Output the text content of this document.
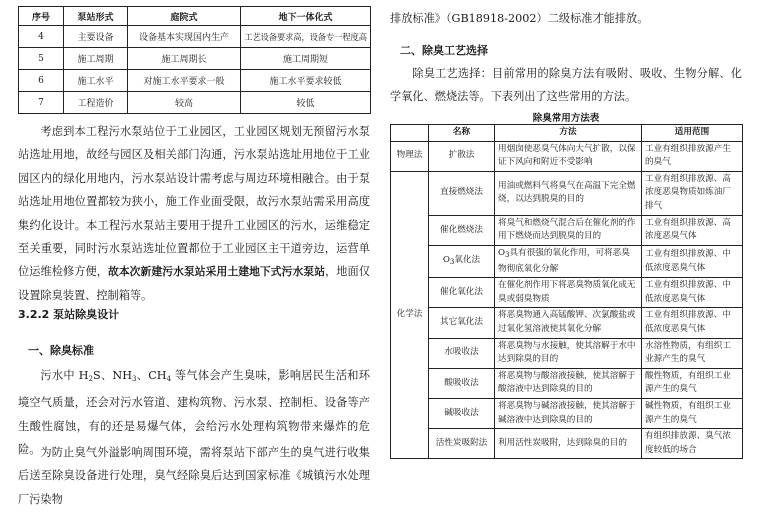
序号	泵站形式	庭院式	地下一体化式
4	主要设备	设备基本实现国内生产	工艺设备要求高，设备专一程度高
5	施工周期	施工周期长	施工周期短
6	施工水平	对施工水平要求一般	施工水平要求较低
7	工程造价	较高	较低
考虑到本工程污水泵站位于工业园区，工业园区规划无预留污水泵站选址用地，故经与园区及相关部门沟通，污水泵站选址用地位于工业园区内的绿化用地内，污水泵站设计需考虑与周边环境相融合。由于泵站选址用地位置都较为狭小，施工作业面受限，故污水泵站需采用高度集约化设计。本工程污水泵站主要用于提升工业园区的污水，运维稳定至关重要，同时污水泵站选址位置都位于工业园区主干道旁边，运营单位运维检修方便，故本次新建污水泵站采用土建地下式污水泵站，地面仅设置除臭装置、控制箱等。
3.2.2 泵站除臭设计
一、除臭标准
污水中 $H_2S$、$NH_3$、$CH_4$ 等气体会产生臭味，影响居民生活和环境空气质量，还会对污水管道、建构筑物、污水泵、控制柜、设备等产生酸性腐蚀，有的还是易爆气体，会给污水处理构筑物带来爆炸的危险。 为防止臭气外溢影响周围环境，需将泵站下部产生的臭气进行收集后送至除臭设备进行处理，臭气经除臭后达到国家标准《城镇污水处理厂污染物
排放标准》（GB18918-2002）二级标准才能排放。
二、除臭工艺选择
除臭工艺选择：目前常用的除臭方法有吸附、吸收、生物分解、化学氧化、燃烧法等。下表列出了这些常用的方法。
除臭常用方法表
	名称	方法	适用范围
物理法	扩散法	用烟囱使恶臭气体向大气扩散，以保证下风向和附近不受影响	工业有组织排放源产生的臭气
化学法	直接燃烧法	用油或燃料气将臭气在高温下完全燃烧，以达到脱臭的目的	工业有组织排放源、高浓度恶臭物质如炼油厂排气
	催化燃烧法	将臭气和燃烧气混合后在催化剂的作用下燃烧而达到脱臭的目的	工业有组织排放源、高浓度恶臭气体
	$O_3$氧化法	$O_3$具有很强的氧化作用，可将恶臭物彻底氧化分解	工业有组织排放源、中低浓度恶臭气体
	催化氧化法	在催化剂作用下将恶臭物质氧化成无臭或弱臭物质	工业有组织排放源、中低浓度恶臭气体
	其它氧化法	将恶臭物通入高锰酸钾、次氯酸盐或过氧化氢溶液使其氧化分解	工业有组织排放源、中低浓度恶臭气体
	水吸收法	将恶臭物与水接触，使其溶解于水中达到除臭的目的	水溶性物质，有组织工业源产生的臭气
	酸吸收法	将恶臭物与酸溶液接触，使其溶解于酸溶液中达到除臭的目的	酸性物质，有组织工业源产生的臭气
	碱吸收法	将恶臭物与碱溶液接触，使其溶解于碱溶液中达到除臭的目的	碱性物质，有组织工业源产生的臭气
	活性炭吸附法	利用活性炭吸附，达到除臭的目的	有组织排放源、臭气浓度较低的场合
